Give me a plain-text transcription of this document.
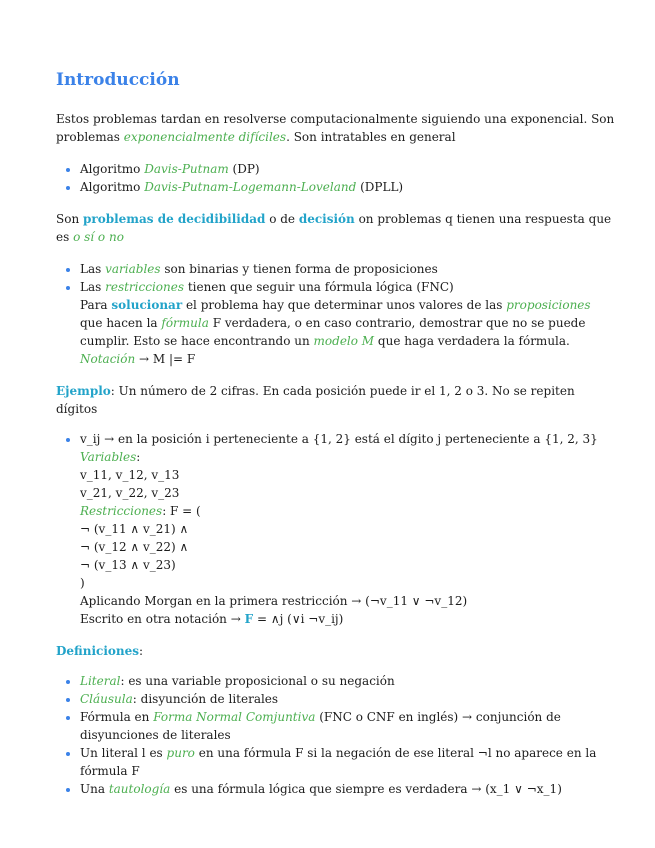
Introducción

Estos problemas tardan en resolverse computacionalmente siguiendo una exponencial. Son problemas exponencialmente difíciles. Son intratables en general

• Algoritmo Davis-Putnam (DP)
• Algoritmo Davis-Putnam-Logemann-Loveland (DPLL)

Son problemas de decidibilidad o de decisión on problemas q tienen una respuesta que es o sí o no

• Las variables son binarias y tienen forma de proposiciones
• Las restricciones tienen que seguir una fórmula lógica (FNC)
Para solucionar el problema hay que determinar unos valores de las proposiciones que hacen la fórmula F verdadera, o en caso contrario, demostrar que no se puede cumplir. Esto se hace encontrando un modelo M que haga verdadera la fórmula. Notación → M |= F

Ejemplo: Un número de 2 cifras. En cada posición puede ir el 1, 2 o 3. No se repiten dígitos

• v_ij → en la posición i perteneciente a {1, 2} está el dígito j perteneciente a {1, 2, 3}
Variables:
v_11, v_12, v_13
v_21, v_22, v_23
Restricciones: F = (
¬ (v_11 ∧ v_21) ∧
¬ (v_12 ∧ v_22) ∧
¬ (v_13 ∧ v_23)
)
Aplicando Morgan en la primera restricción → (¬v_11 ∨ ¬v_12)
Escrito en otra notación → F = ∧j (∨i ¬v_ij)

Definiciones:

• Literal: es una variable proposicional o su negación
• Cláusula: disyunción de literales
• Fórmula en Forma Normal Comjuntiva (FNC o CNF en inglés) → conjunción de disyunciones de literales
• Un literal l es puro en una fórmula F si la negación de ese literal ¬l no aparece en la fórmula F
• Una tautología es una fórmula lógica que siempre es verdadera → (x_1 ∨ ¬x_1)
